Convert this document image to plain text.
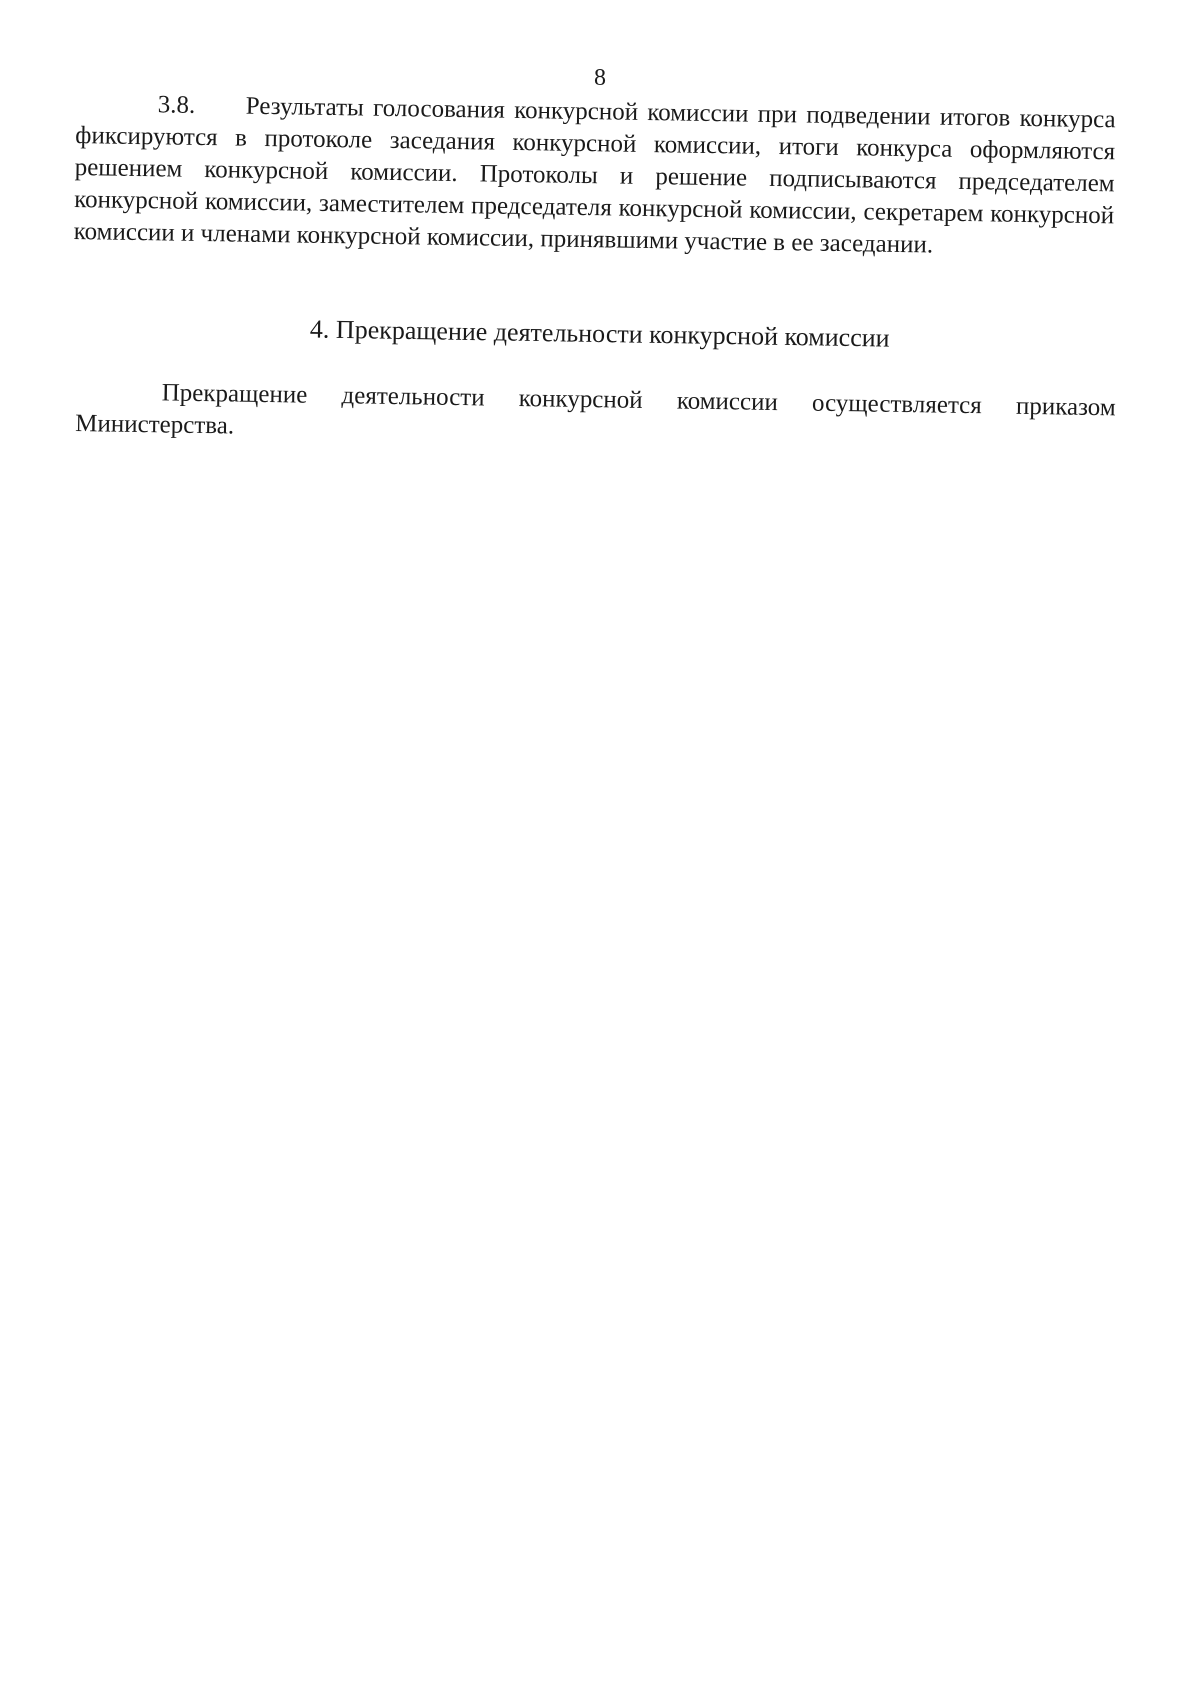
8
3.8. Результаты голосования конкурсной комиссии при подведении итогов конкурса фиксируются в протоколе заседания конкурсной комиссии, итоги конкурса оформляются решением конкурсной комиссии. Протоколы и решение подписываются председателем конкурсной комиссии, заместителем председателя конкурсной комиссии, секретарем конкурсной комиссии и членами конкурсной комиссии, принявшими участие в ее заседании.
4. Прекращение деятельности конкурсной комиссии
Прекращение деятельности конкурсной комиссии осуществляется приказом Министерства.
